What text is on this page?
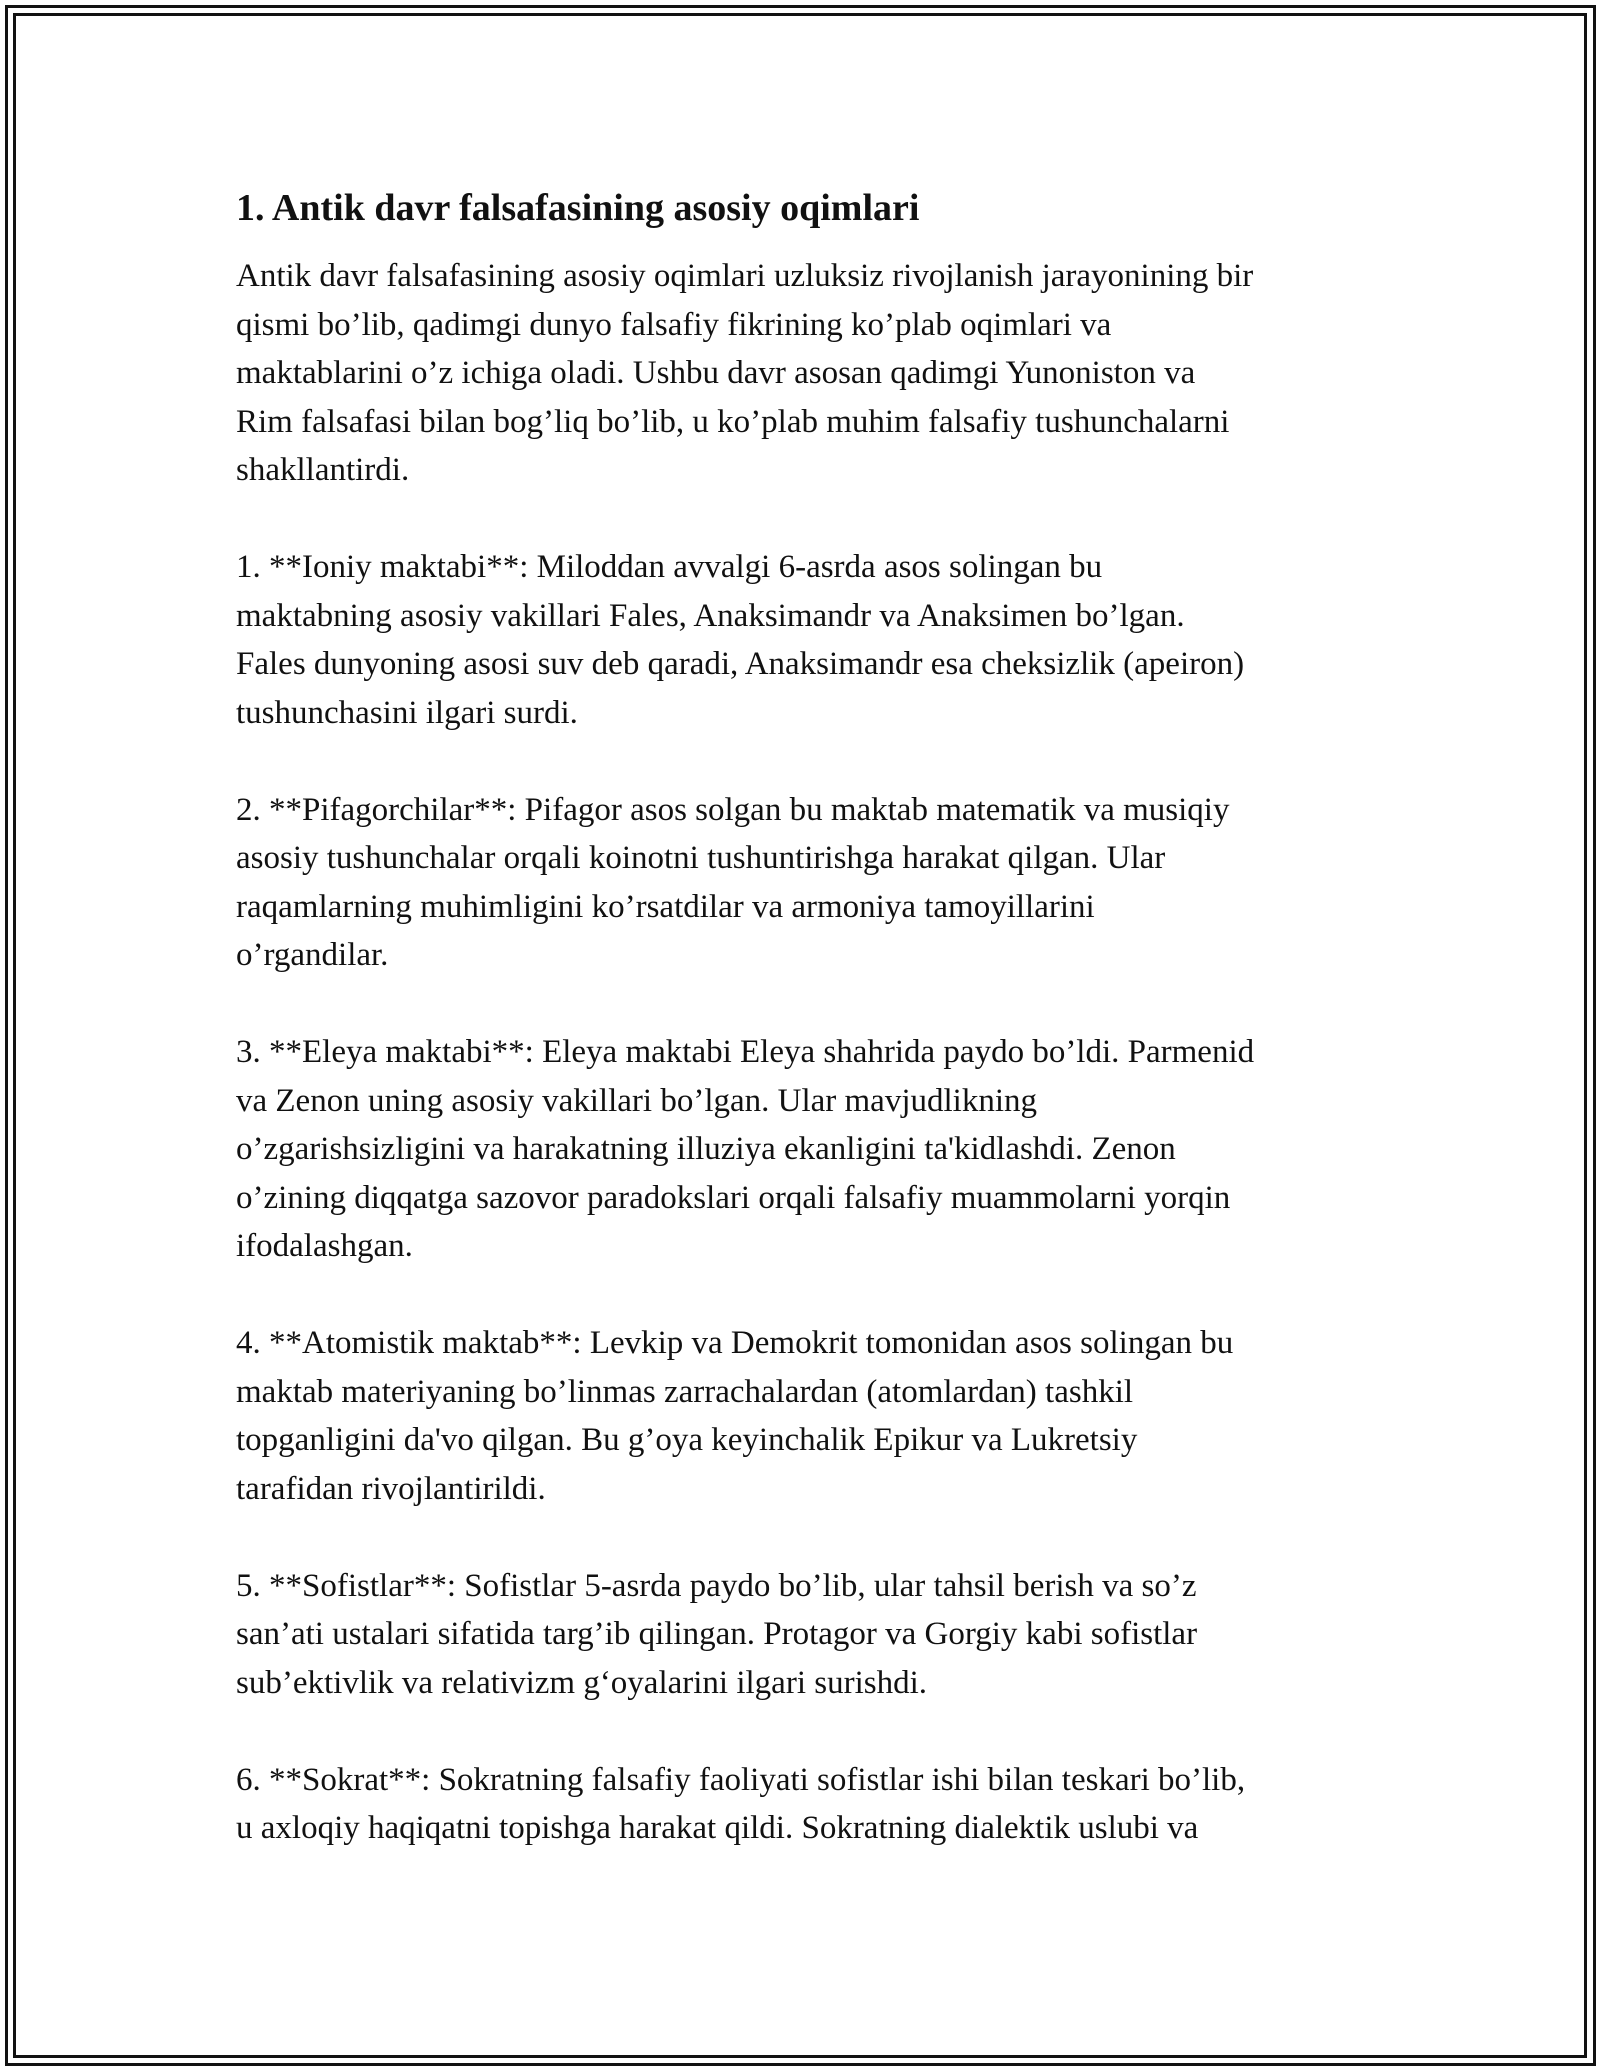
1. Antik davr falsafasining asosiy oqimlari
Antik davr falsafasining asosiy oqimlari uzluksiz rivojlanish jarayonining bir
qismi bo’lib, qadimgi dunyo falsafiy fikrining ko’plab oqimlari va
maktablarini o’z ichiga oladi. Ushbu davr asosan qadimgi Yunoniston va
Rim falsafasi bilan bog’liq bo’lib, u ko’plab muhim falsafiy tushunchalarni
shakllantirdi.
1. **Ioniy maktabi**: Miloddan avvalgi 6-asrda asos solingan bu
maktabning asosiy vakillari Fales, Anaksimandr va Anaksimen bo’lgan.
Fales dunyoning asosi suv deb qaradi, Anaksimandr esa cheksizlik (apeiron)
tushunchasini ilgari surdi.
2. **Pifagorchilar**: Pifagor asos solgan bu maktab matematik va musiqiy
asosiy tushunchalar orqali koinotni tushuntirishga harakat qilgan. Ular
raqamlarning muhimligini ko’rsatdilar va armoniya tamoyillarini
o’rgandilar.
3. **Eleya maktabi**: Eleya maktabi Eleya shahrida paydo bo’ldi. Parmenid
va Zenon uning asosiy vakillari bo’lgan. Ular mavjudlikning
o’zgarishsizligini va harakatning illuziya ekanligini ta'kidlashdi. Zenon
o’zining diqqatga sazovor paradokslari orqali falsafiy muammolarni yorqin
ifodalashgan.
4. **Atomistik maktab**: Levkip va Demokrit tomonidan asos solingan bu
maktab materiyaning bo’linmas zarrachalardan (atomlardan) tashkil
topganligini da'vo qilgan. Bu g’oya keyinchalik Epikur va Lukretsiy
tarafidan rivojlantirildi.
5. **Sofistlar**: Sofistlar 5-asrda paydo bo’lib, ular tahsil berish va so’z
san’ati ustalari sifatida targ’ib qilingan. Protagor va Gorgiy kabi sofistlar
sub’ektivlik va relativizm g‘oyalarini ilgari surishdi.
6. **Sokrat**: Sokratning falsafiy faoliyati sofistlar ishi bilan teskari bo’lib,
u axloqiy haqiqatni topishga harakat qildi. Sokratning dialektik uslubi va
